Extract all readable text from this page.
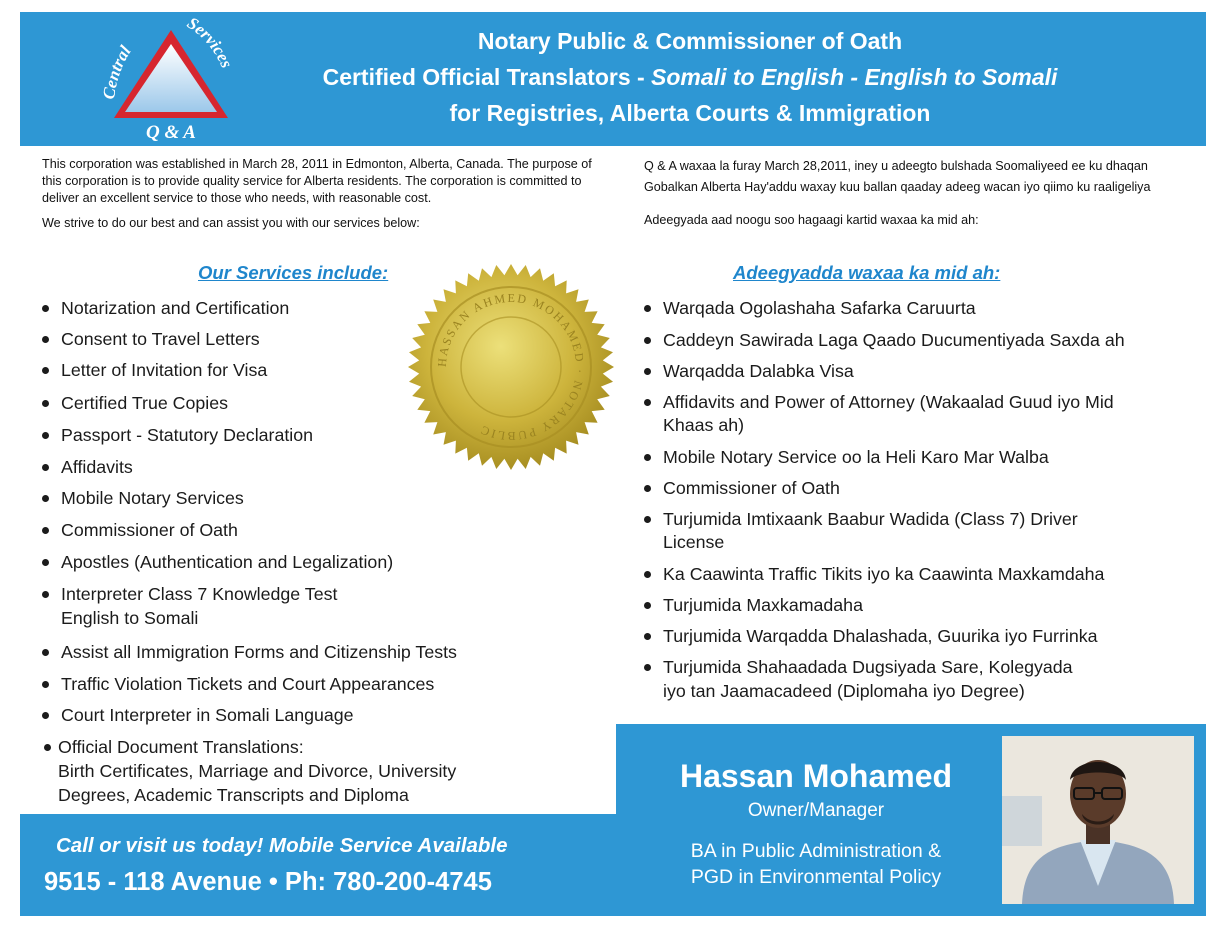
Central
Services
Q & A
Notary Public & Commissioner of Oath
Certified Official Translators - Somali to English - English to Somali
for Registries, Alberta Courts & Immigration

This corporation was established in March 28, 2011 in Edmonton, Alberta, Canada. The purpose of this corporation is to provide quality service for Alberta residents. The corporation is committed to deliver an excellent service to those who needs, with reasonable cost.

We strive to do our best and can assist you with our services below:

Q & A waxaa la furay March 28,2011, iney u adeegto bulshada Soomaliyeed ee ku dhaqan Gobalkan Alberta Hay'addu waxay kuu ballan qaaday adeeg wacan iyo qiimo ku raaligeliya

Adeegyada aad noogu soo hagaagi kartid waxaa ka mid ah:

Our Services include:	Adeegyadda waxaa ka mid ah:
Notarization and Certification
Consent to Travel Letters
Letter of Invitation for Visa
Certified True Copies
Passport - Statutory Declaration
Affidavits
Mobile Notary Services
Commissioner of Oath
Apostles (Authentication and Legalization)
Interpreter Class 7 Knowledge Test
English to Somali
Assist all Immigration Forms and Citizenship Tests
Traffic Violation Tickets and Court Appearances
Court Interpreter in Somali Language
Official Document Translations:
Birth Certificates, Marriage and Divorce, University
Degrees, Academic Transcripts and Diploma
HASSAN AHMED MOHAMED · NOTARY PUBLIC
Warqada Ogolashaha Safarka Caruurta
Caddeyn Sawirada Laga Qaado Ducumentiyada Saxda ah
Warqadda Dalabka Visa
Affidavits and Power of Attorney (Wakaalad Guud iyo Mid
Khaas ah)
Mobile Notary Service oo la Heli Karo Mar Walba
Commissioner of Oath
Turjumida Imtixaank Baabur Wadida (Class 7) Driver
License
Ka Caawinta Traffic Tikits iyo ka Caawinta Maxkamdaha
Turjumida Maxkamadaha
Turjumida Warqadda Dhalashada, Guurika iyo Furrinka
Turjumida Shahaadada Dugsiyada Sare, Kolegyada
iyo tan Jaamacadeed (Diplomaha iyo Degree)
Call or visit us today! Mobile Service Available
9515 - 118 Avenue • Ph: 780-200-4745
Hassan Mohamed
Owner/Manager
BA in Public Administration &
PGD in Environmental Policy
